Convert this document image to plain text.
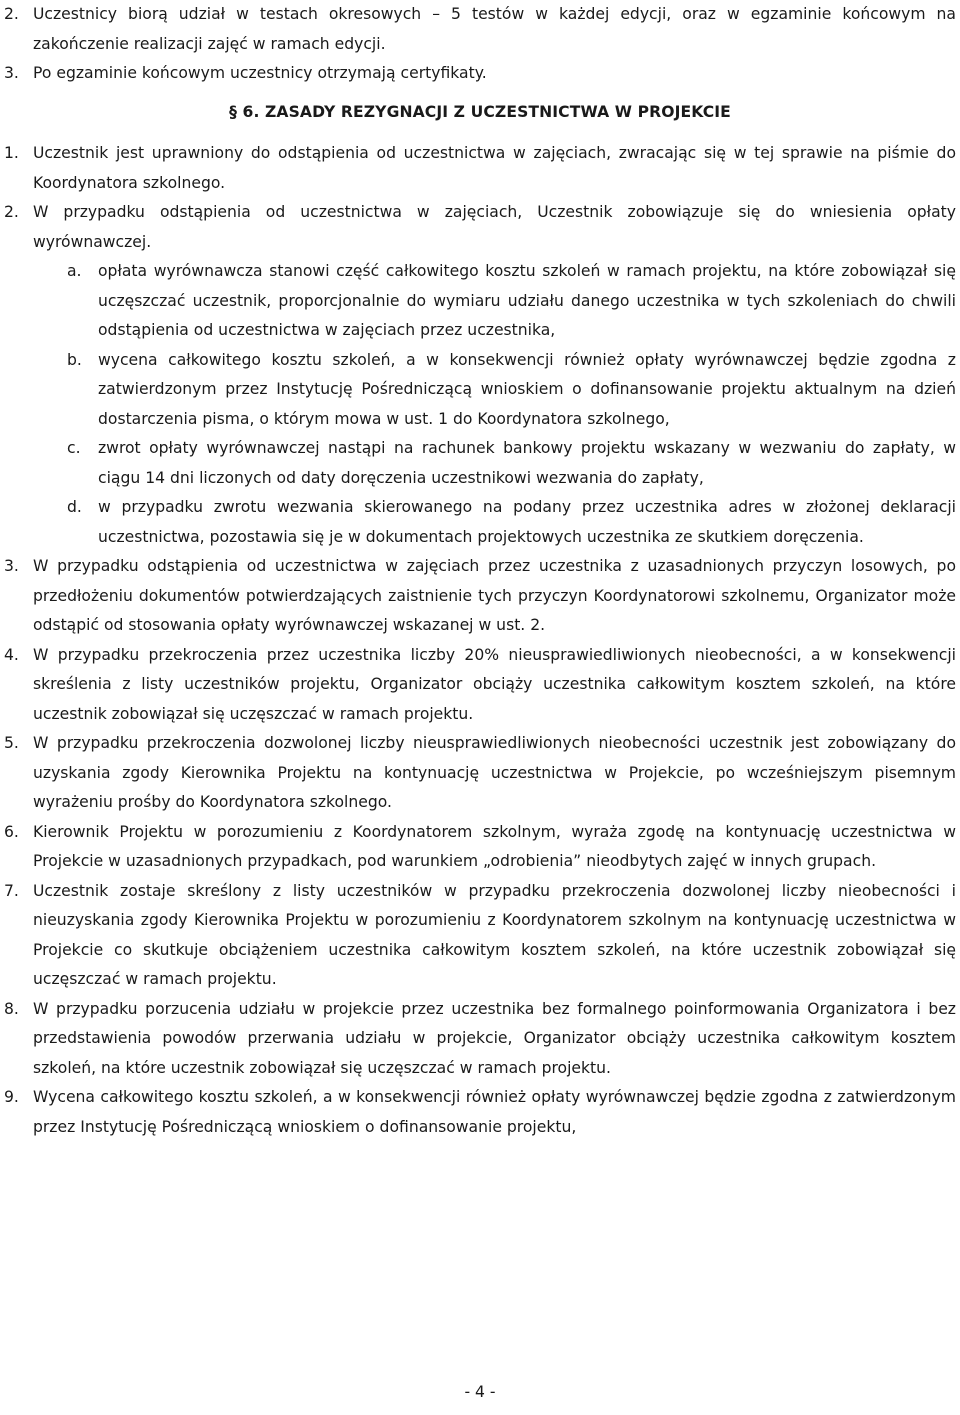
2. Uczestnicy biorą udział w testach okresowych – 5 testów w każdej edycji, oraz w egzaminie końcowym na zakończenie realizacji zajęć w ramach edycji.

3. Po egzaminie końcowym uczestnicy otrzymają certyfikaty.

§ 6. ZASADY REZYGNACJI Z UCZESTNICTWA W PROJEKCIE

1. Uczestnik jest uprawniony do odstąpienia od uczestnictwa w zajęciach, zwracając się w tej sprawie na piśmie do Koordynatora szkolnego.

2. W przypadku odstąpienia od uczestnictwa w zajęciach, Uczestnik zobowiązuje się do wniesienia opłaty wyrównawczej.

a. opłata wyrównawcza stanowi część całkowitego kosztu szkoleń w ramach projektu, na które zobowiązał się uczęszczać uczestnik, proporcjonalnie do wymiaru udziału danego uczestnika w tych szkoleniach do chwili odstąpienia od uczestnictwa w zajęciach przez uczestnika,

b. wycena całkowitego kosztu szkoleń, a w konsekwencji również opłaty wyrównawczej będzie zgodna z zatwierdzonym przez Instytucję Pośredniczącą wnioskiem o dofinansowanie projektu aktualnym na dzień dostarczenia pisma, o którym mowa w ust. 1 do Koordynatora szkolnego,

c. zwrot opłaty wyrównawczej nastąpi na rachunek bankowy projektu wskazany w wezwaniu do zapłaty, w ciągu 14 dni liczonych od daty doręczenia uczestnikowi wezwania do zapłaty,

d. w przypadku zwrotu wezwania skierowanego na podany przez uczestnika adres w złożonej deklaracji uczestnictwa, pozostawia się je w dokumentach projektowych uczestnika ze skutkiem doręczenia.

3. W przypadku odstąpienia od uczestnictwa w zajęciach przez uczestnika z uzasadnionych przyczyn losowych, po przedłożeniu dokumentów potwierdzających zaistnienie tych przyczyn Koordynatorowi szkolnemu, Organizator może odstąpić od stosowania opłaty wyrównawczej wskazanej w ust. 2.

4. W przypadku przekroczenia przez uczestnika liczby 20% nieusprawiedliwionych nieobecności, a w konsekwencji skreślenia z listy uczestników projektu, Organizator obciąży uczestnika całkowitym kosztem szkoleń, na które uczestnik zobowiązał się uczęszczać w ramach projektu.

5. W przypadku przekroczenia dozwolonej liczby nieusprawiedliwionych nieobecności uczestnik jest zobowiązany do uzyskania zgody Kierownika Projektu na kontynuację uczestnictwa w Projekcie, po wcześniejszym pisemnym wyrażeniu prośby do Koordynatora szkolnego.

6. Kierownik Projektu w porozumieniu z Koordynatorem szkolnym, wyraża zgodę na kontynuację uczestnictwa w Projekcie w uzasadnionych przypadkach, pod warunkiem „odrobienia” nieodbytych zajęć w innych grupach.

7. Uczestnik zostaje skreślony z listy uczestników w przypadku przekroczenia dozwolonej liczby nieobecności i nieuzyskania zgody Kierownika Projektu w porozumieniu z Koordynatorem szkolnym na kontynuację uczestnictwa w Projekcie co skutkuje obciążeniem uczestnika całkowitym kosztem szkoleń, na które uczestnik zobowiązał się uczęszczać w ramach projektu.

8. W przypadku porzucenia udziału w projekcie przez uczestnika bez formalnego poinformowania Organizatora i bez przedstawienia powodów przerwania udziału w projekcie, Organizator obciąży uczestnika całkowitym kosztem szkoleń, na które uczestnik zobowiązał się uczęszczać w ramach projektu.

9. Wycena całkowitego kosztu szkoleń, a w konsekwencji również opłaty wyrównawczej będzie zgodna z zatwierdzonym przez Instytucję Pośredniczącą wnioskiem o dofinansowanie projektu,

- 4 -
